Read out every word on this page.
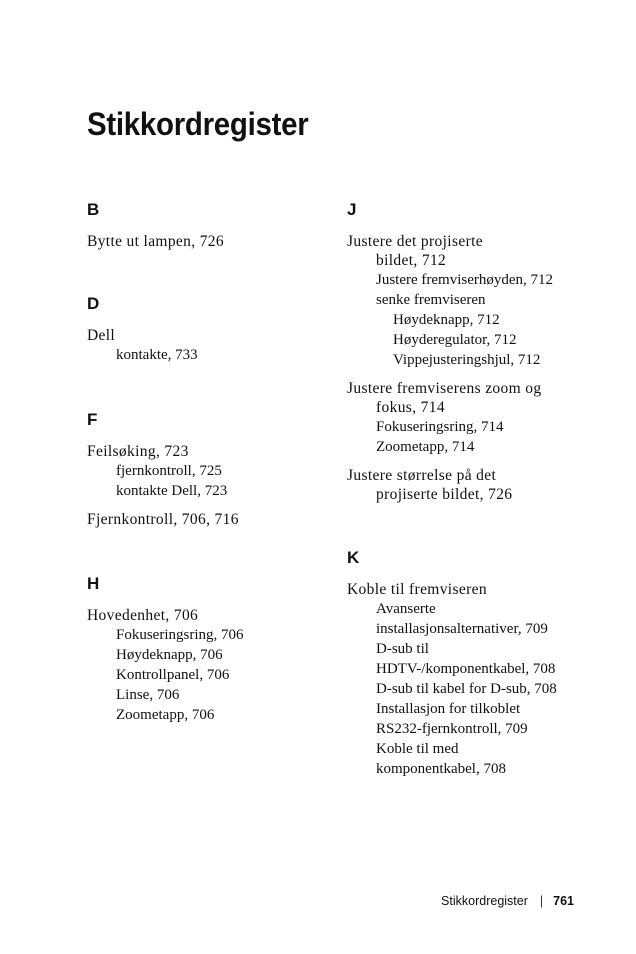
Stikkordregister
B
Bytte ut lampen, 726
D
Dell
kontakte, 733
F
Feilsøking, 723
fjernkontroll, 725
kontakte Dell, 723
Fjernkontroll, 706, 716
H
Hovedenhet, 706
Fokuseringsring, 706
Høydeknapp, 706
Kontrollpanel, 706
Linse, 706
Zoometapp, 706
J
Justere det projiserte
bildet, 712
Justere fremviserhøyden, 712
senke fremviseren
Høydeknapp, 712
Høyderegulator, 712
Vippejusteringshjul, 712
Justere fremviserens zoom og
fokus, 714
Fokuseringsring, 714
Zoometapp, 714
Justere størrelse på det
projiserte bildet, 726
K
Koble til fremviseren
Avanserte
installasjonsalternativer, 709
D-sub til
HDTV-/komponentkabel, 708
D-sub til kabel for D-sub, 708
Installasjon for tilkoblet
RS232-fjernkontroll, 709
Koble til med
komponentkabel, 708
Stikkordregister | 761
